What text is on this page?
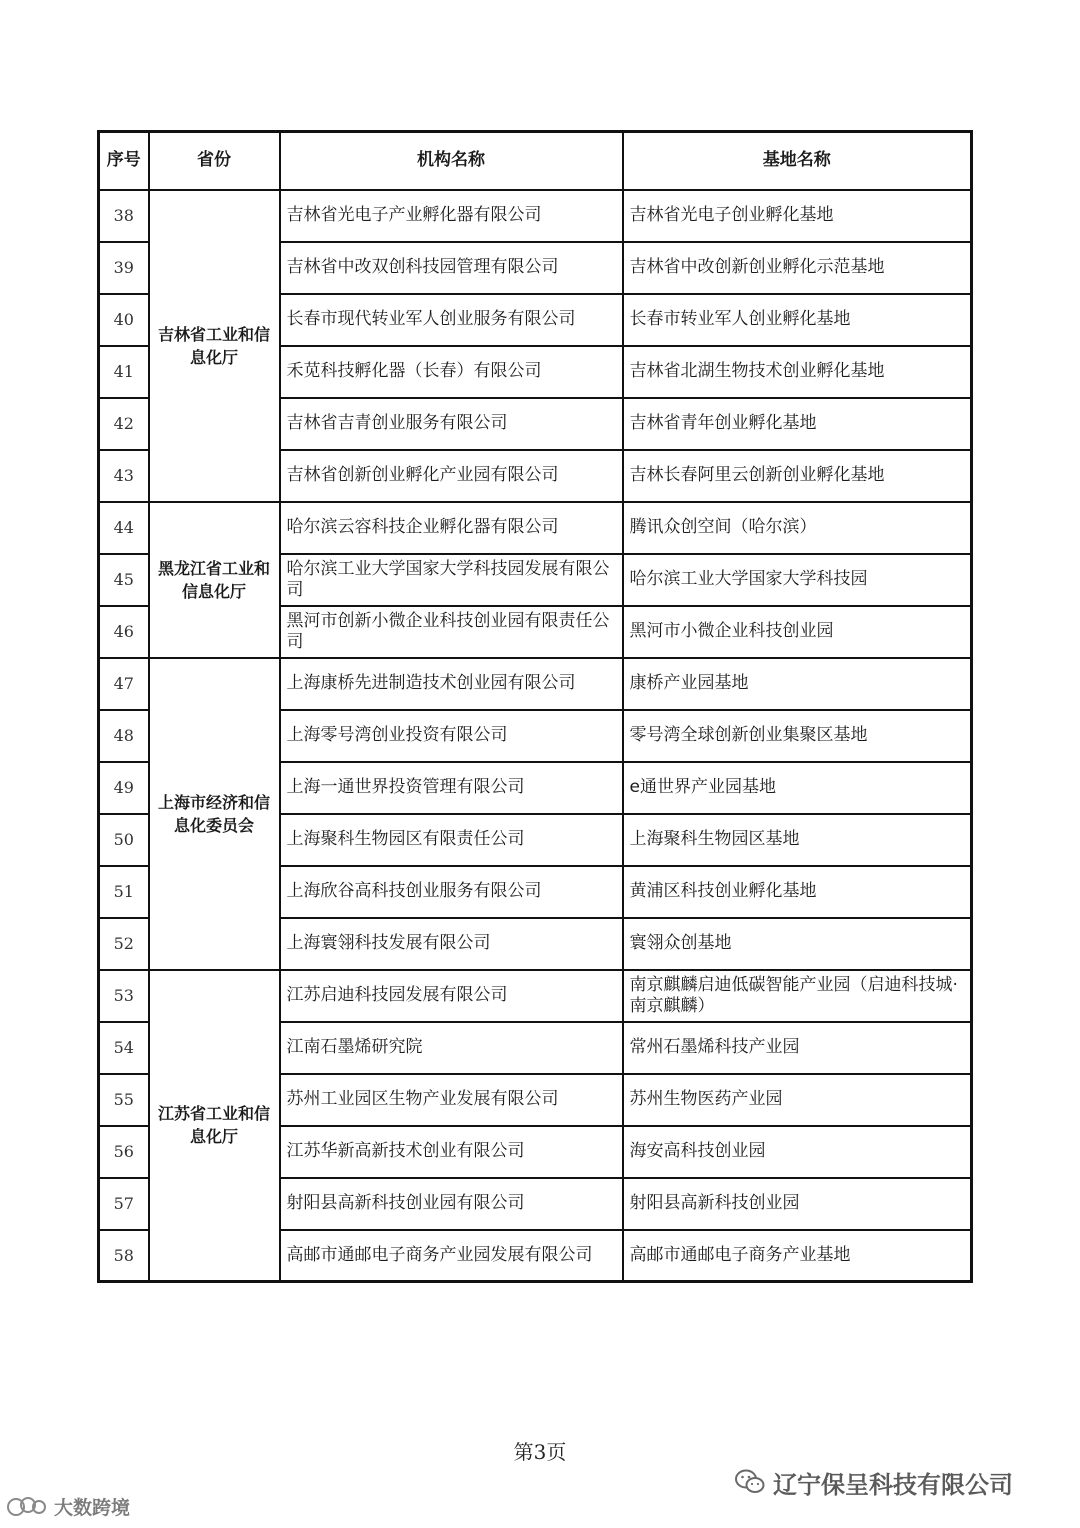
序号	省份	机构名称	基地名称
38	吉林省工业和信息化厅	吉林省光电子产业孵化器有限公司	吉林省光电子创业孵化基地
39		吉林省中改双创科技园管理有限公司	吉林省中改创新创业孵化示范基地
40		长春市现代转业军人创业服务有限公司	长春市转业军人创业孵化基地
41		禾苋科技孵化器（长春）有限公司	吉林省北湖生物技术创业孵化基地
42		吉林省吉青创业服务有限公司	吉林省青年创业孵化基地
43		吉林省创新创业孵化产业园有限公司	吉林长春阿里云创新创业孵化基地
44	黑龙江省工业和信息化厅	哈尔滨云容科技企业孵化器有限公司	腾讯众创空间（哈尔滨）
45		哈尔滨工业大学国家大学科技园发展有限公司	哈尔滨工业大学国家大学科技园
46		黑河市创新小微企业科技创业园有限责任公司	黑河市小微企业科技创业园
47	上海市经济和信息化委员会	上海康桥先进制造技术创业园有限公司	康桥产业园基地
48		上海零号湾创业投资有限公司	零号湾全球创新创业集聚区基地
49		上海一通世界投资管理有限公司	e通世界产业园基地
50		上海聚科生物园区有限责任公司	上海聚科生物园区基地
51		上海欣谷高科技创业服务有限公司	黄浦区科技创业孵化基地
52		上海寰翎科技发展有限公司	寰翎众创基地
53	江苏省工业和信息化厅	江苏启迪科技园发展有限公司	南京麒麟启迪低碳智能产业园（启迪科技城·南京麒麟）
54		江南石墨烯研究院	常州石墨烯科技产业园
55		苏州工业园区生物产业发展有限公司	苏州生物医药产业园
56		江苏华新高新技术创业有限公司	海安高科技创业园
57		射阳县高新科技创业园有限公司	射阳县高新科技创业园
58		高邮市通邮电子商务产业园发展有限公司	高邮市通邮电子商务产业基地
第3页
辽宁保呈科技有限公司
大数跨境
